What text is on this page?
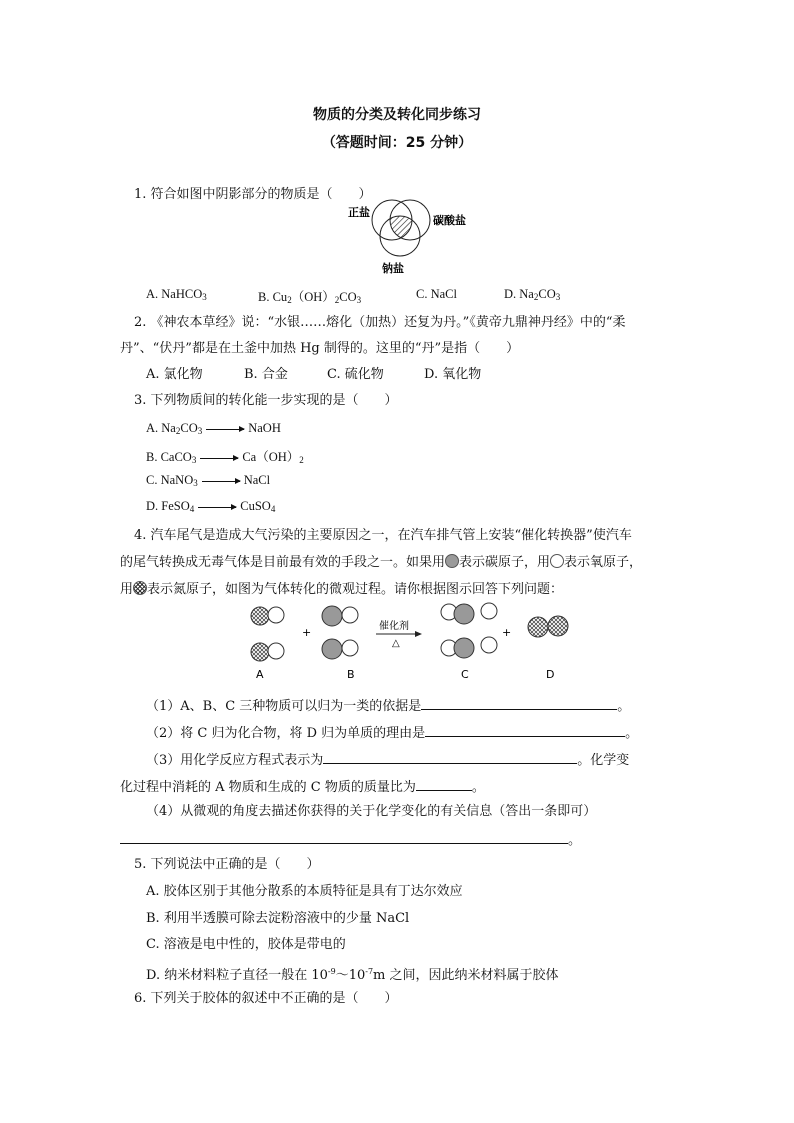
物质的分类及转化同步练习
（答题时间：25 分钟）
1. 符合如图中阴影部分的物质是（　　）
正盐
碳酸盐
钠盐
A. NaHCO$_3$	B. $Cu_2(OH)_2CO_3$	C. NaCl	D. $Na_2CO_3$
2. 《神农本草经》说：“水银……熔化（加热）还复为丹。”《黄帝九鼎神丹经》中的“柔
丹”、“伏丹”都是在土釜中加热 Hg 制得的。这里的“丹”是指（　　）
A. 氯化物	B. 合金	C. 硫化物	D. 氧化物
3. 下列物质间的转化能一步实现的是（　　）
A. $Na_2CO_3$	NaOH
B. CaCO$_3$	$Ca(OH)_2$
C. NaNO$_3$	NaCl
D. FeSO$_4$	CuSO$_4$
4. 汽车尾气是造成大气污染的主要原因之一，在汽车排气管上安装“催化转换器”使汽车
的尾气转换成无毒气体是目前最有效的手段之一。如果用 表示碳原子，用 表示氧原子，
用 表示氮原子，如图为气体转化的微观过程。请你根据图示回答下列问题：
+	催化剂
△
+
A	B	C	D
（1）A、B、C 三种物质可以归为一类的依据是	。
（2）将 C 归为化合物，将 D 归为单质的理由是	。
（3）用化学反应方程式表示为	。化学变
化过程中消耗的 A 物质和生成的 C 物质的质量比为	。
（4）从微观的角度去描述你获得的关于化学变化的有关信息（答出一条即可）
。
5. 下列说法中正确的是（　　）
A. 胶体区别于其他分散系的本质特征是具有丁达尔效应
B. 利用半透膜可除去淀粉溶液中的少量 NaCl
C. 溶液是电中性的，胶体是带电的
D. 纳米材料粒子直径一般在 $10^{-9}\sim 10^{-7}m$ 之间，因此纳米材料属于胶体
6. 下列关于胶体的叙述中不正确的是（　　）
